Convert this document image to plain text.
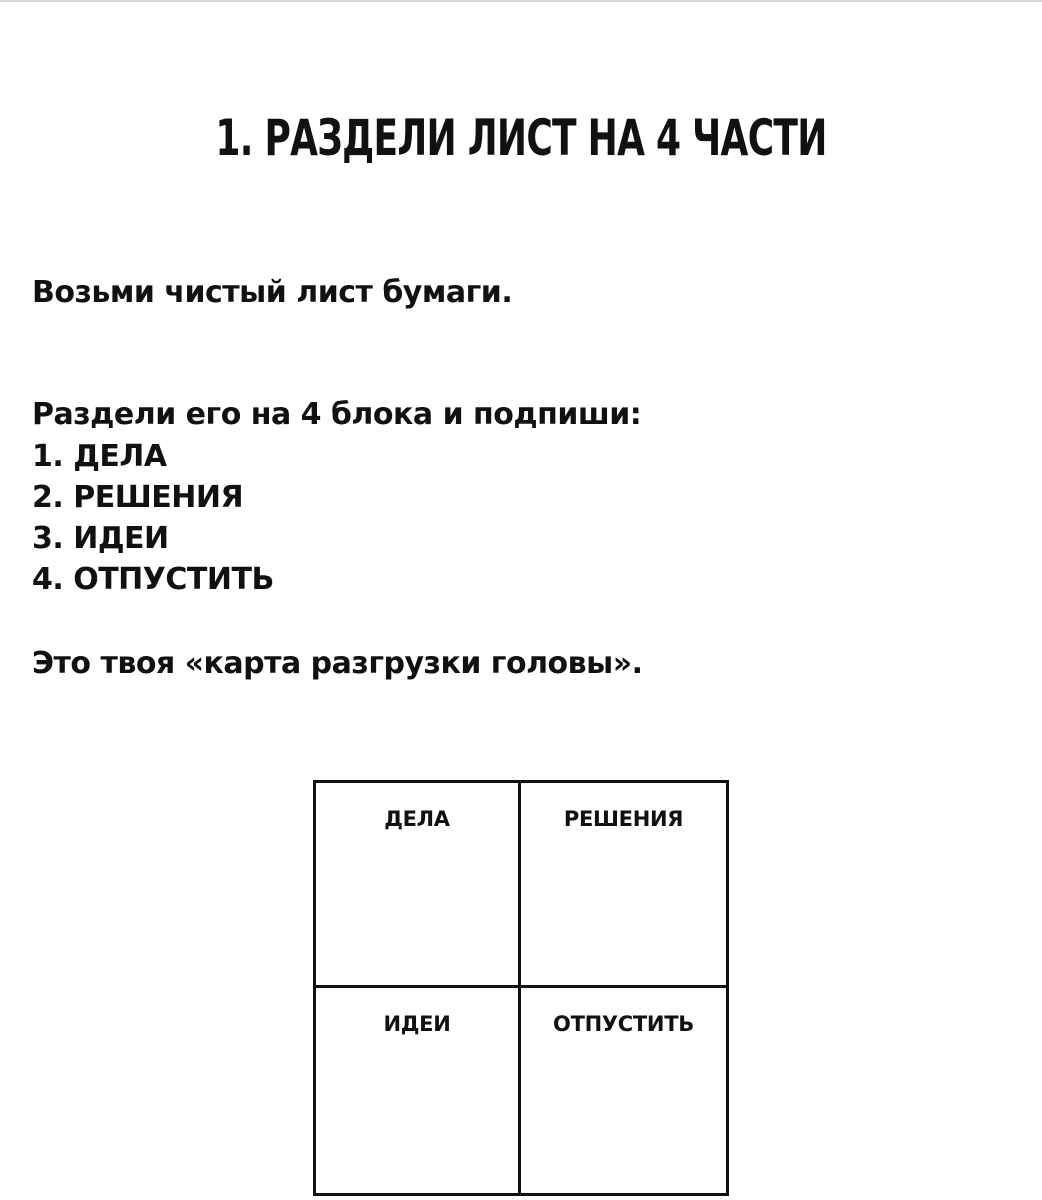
1. РАЗДЕЛИ ЛИСТ НА 4 ЧАСТИ

Возьми чистый лист бумаги.

Раздели его на 4 блока и подпиши:

1. ДЕЛА
2. РЕШЕНИЯ
3. ИДЕИ
4. ОТПУСТИТЬ

Это твоя «карта разгрузки головы».

ДЕЛА	РЕШЕНИЯ
ИДЕИ	ОТПУСТИТЬ
